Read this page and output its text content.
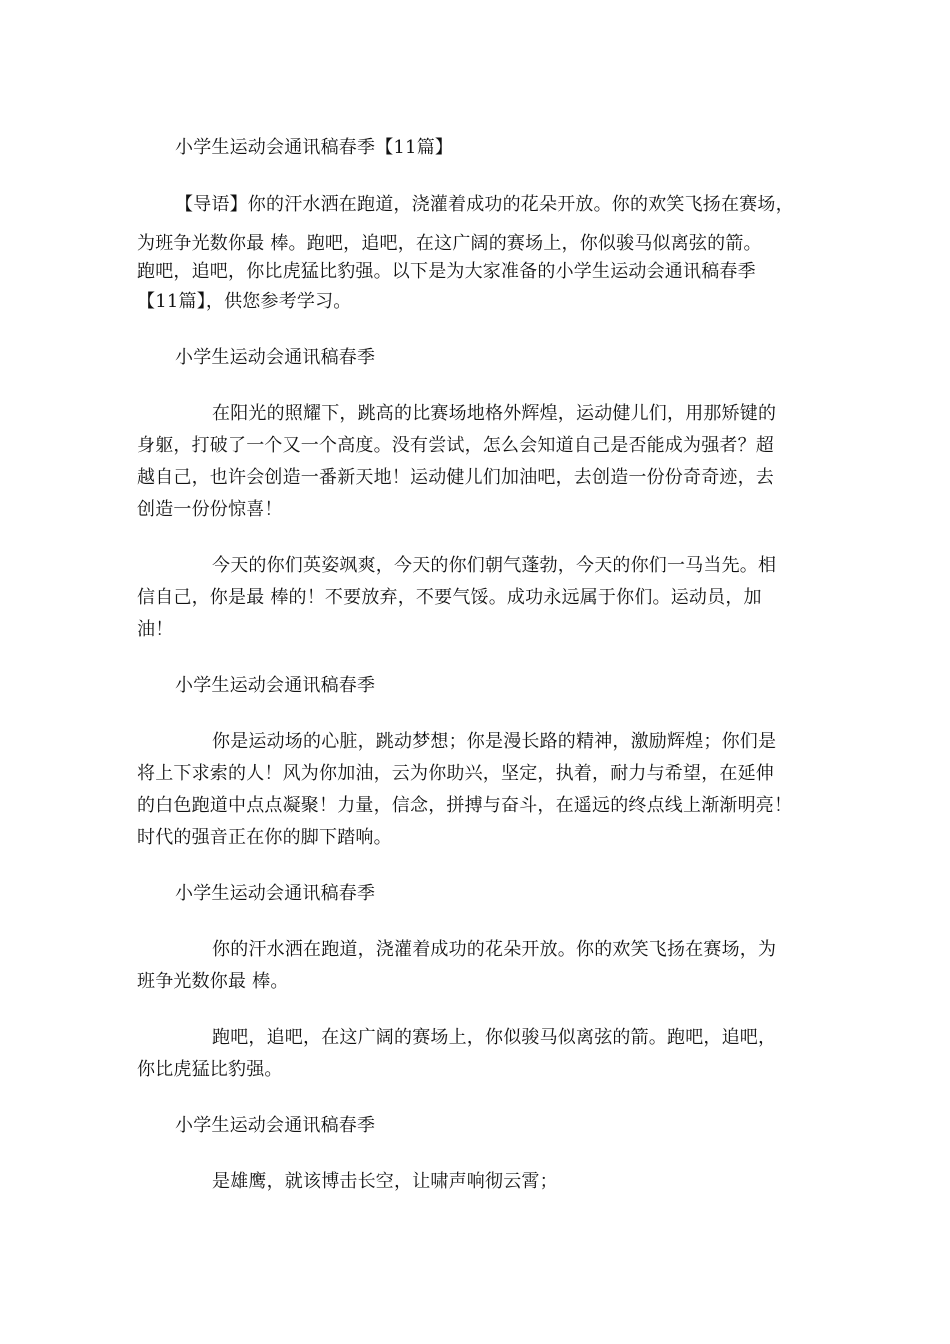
小学生运动会通讯稿春季【11篇】
【导语】你的汗水洒在跑道，浇灌着成功的花朵开放。你的欢笑飞扬在赛场，
为班争光数你最 棒。跑吧，追吧，在这广阔的赛场上，你似骏马似离弦的箭。
跑吧，追吧，你比虎猛比豹强。以下是为大家准备的小学生运动会通讯稿春季
【11篇】，供您参考学习。
小学生运动会通讯稿春季
在阳光的照耀下，跳高的比赛场地格外辉煌，运动健儿们，用那矫键的
身躯，打破了一个又一个高度。没有尝试，怎么会知道自己是否能成为强者？超
越自己，也许会创造一番新天地！运动健儿们加油吧，去创造一份份奇奇迹，去
创造一份份惊喜！
今天的你们英姿飒爽，今天的你们朝气蓬勃，今天的你们一马当先。相
信自己，你是最 棒的！不要放弃，不要气馁。成功永远属于你们。运动员，加
油！
小学生运动会通讯稿春季
你是运动场的心脏，跳动梦想；你是漫长路的精神，激励辉煌；你们是
将上下求索的人！风为你加油，云为你助兴，坚定，执着，耐力与希望，在延伸
的白色跑道中点点凝聚！力量，信念，拼搏与奋斗，在遥远的终点线上渐渐明亮！
时代的强音正在你的脚下踏响。
小学生运动会通讯稿春季
你的汗水洒在跑道，浇灌着成功的花朵开放。你的欢笑飞扬在赛场，为
班争光数你最 棒。
跑吧，追吧，在这广阔的赛场上，你似骏马似离弦的箭。跑吧，追吧，
你比虎猛比豹强。
小学生运动会通讯稿春季
是雄鹰，就该博击长空，让啸声响彻云霄；
